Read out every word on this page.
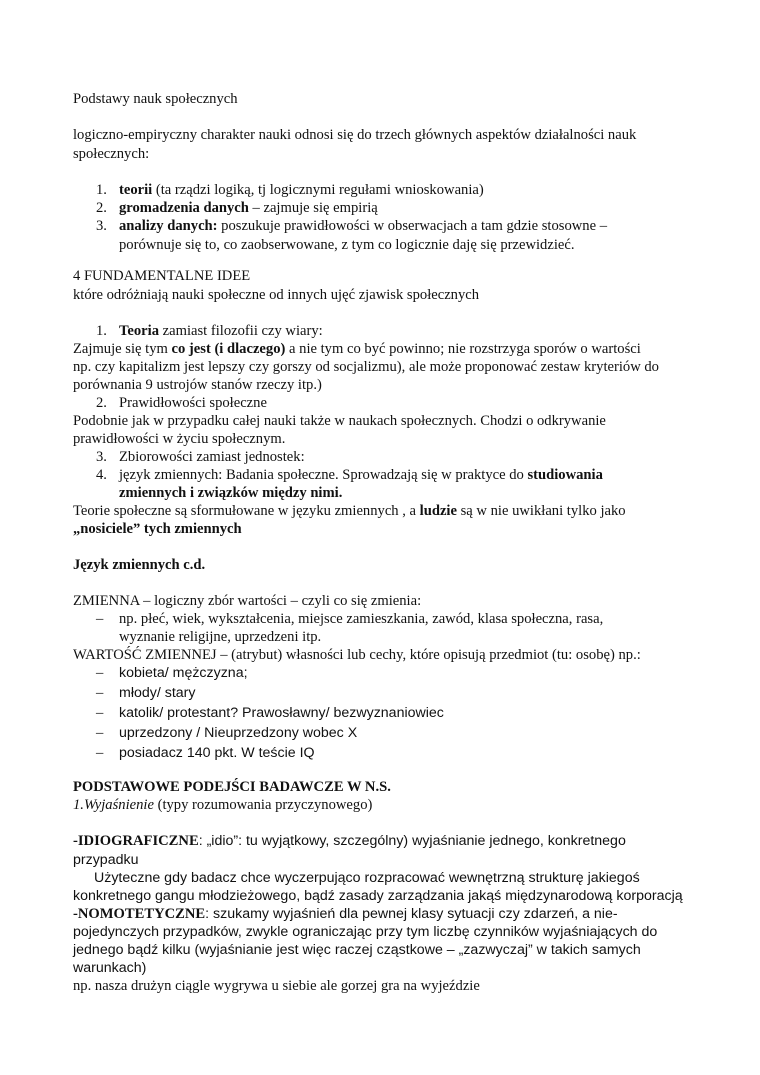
Podstawy nauk społecznych
logiczno-empiryczny charakter nauki odnosi się do trzech głównych aspektów działalności nauk
społecznych:
1. teorii (ta rządzi logiką, tj logicznymi regułami wnioskowania)
2. gromadzenia danych – zajmuje się empirią
3. analizy danych: poszukuje prawidłowości w obserwacjach a tam gdzie stosowne –
porównuje się to, co zaobserwowane, z tym co logicznie daję się przewidzieć.
4 FUNDAMENTALNE IDEE
które odróżniają nauki społeczne od innych ujęć zjawisk społecznych
1. Teoria zamiast filozofii czy wiary:
Zajmuje się tym co jest (i dlaczego) a nie tym co być powinno; nie rozstrzyga sporów o wartości
np. czy kapitalizm jest lepszy czy gorszy od socjalizmu), ale może proponować zestaw kryteriów do
porównania 9 ustrojów stanów rzeczy itp.)
2. Prawidłowości społeczne
Podobnie jak w przypadku całej nauki także w naukach społecznych. Chodzi o odkrywanie
prawidłowości w życiu społecznym.
3. Zbiorowości zamiast jednostek:
4. język zmiennych: Badania społeczne. Sprowadzają się w praktyce do studiowania
zmiennych i związków między nimi.
Teorie społeczne są sformułowane w języku zmiennych , a ludzie są w nie uwikłani tylko jako
„nosiciele” tych zmiennych
Język zmiennych c.d.
ZMIENNA – logiczny zbór wartości – czyli co się zmienia:
– np. płeć, wiek, wykształcenia, miejsce zamieszkania, zawód, klasa społeczna, rasa,
wyznanie religijne, uprzedzeni itp.
WARTOŚĆ ZMIENNEJ – (atrybut) własności lub cechy, które opisują przedmiot (tu: osobę) np.:
– kobieta/ mężczyzna;
– młody/ stary
– katolik/ protestant? Prawosławny/ bezwyznaniowiec
– uprzedzony / Nieuprzedzony wobec X
– posiadacz 140 pkt. W teście IQ
PODSTAWOWE PODEJŚCI BADAWCZE W N.S.
1.Wyjaśnienie (typy rozumowania przyczynowego)
-IDIOGRAFICZNE: „idio”: tu wyjątkowy, szczególny) wyjaśnianie jednego, konkretnego
przypadku
Użyteczne gdy badacz chce wyczerpująco rozpracować wewnętrzną strukturę jakiegoś
konkretnego gangu młodzieżowego, bądź zasady zarządzania jakąś międzynarodową korporacją
-NOMOTETYCZNE: szukamy wyjaśnień dla pewnej klasy sytuacji czy zdarzeń, a nie-
pojedynczych przypadków, zwykle ograniczając przy tym liczbę czynników wyjaśniających do
jednego bądź kilku (wyjaśnianie jest więc raczej cząstkowe – „zazwyczaj” w takich samych
warunkach)
np. nasza drużyn ciągle wygrywa u siebie ale gorzej gra na wyjeździe
